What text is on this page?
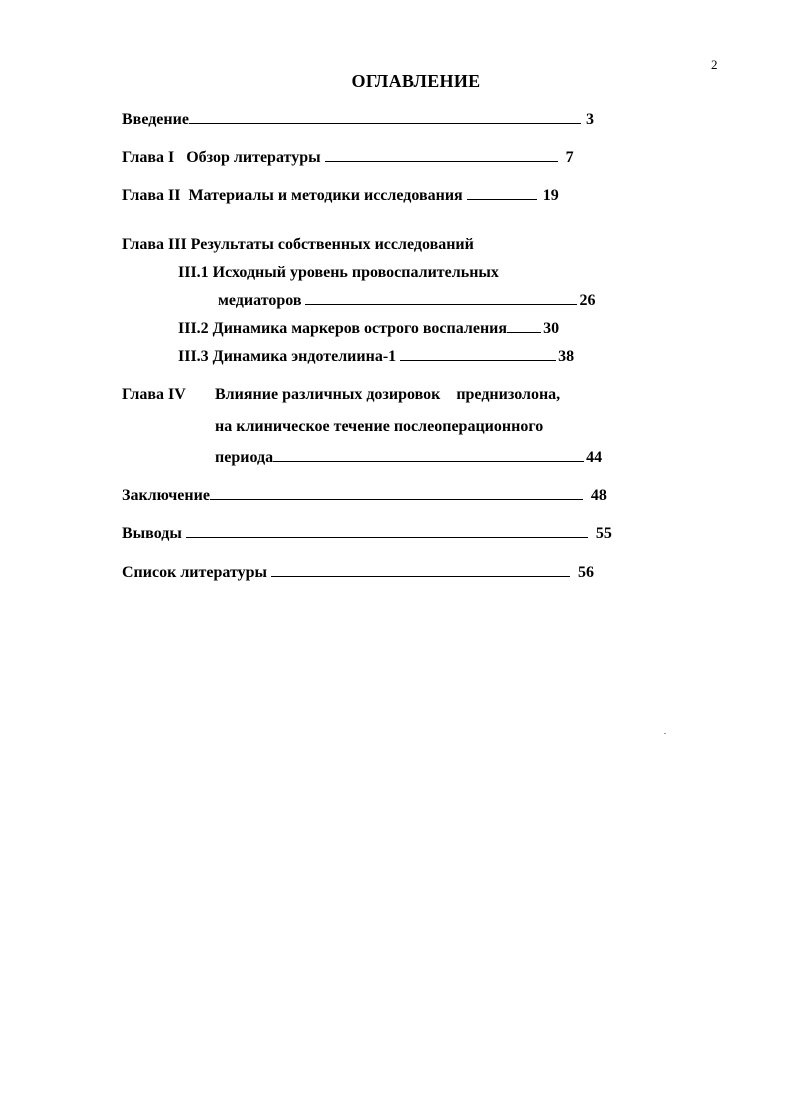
2
ОГЛАВЛЕНИЕ
Введение	3
Глава I   Обзор литературы	7
Глава II  Материалы и методики исследования	19
Глава III Результаты собственных исследований
III.1 Исходный уровень провоспалительных
медиаторов	26
III.2 Динамика маркеров острого воспаления 30
III.3 Динамика эндотелиина-1	38
Глава IV Влияние различных дозировок    преднизолона,
на клиническое течение послеоперационного
периода	44
Заключение	48
Выводы	55
Список литературы	56
